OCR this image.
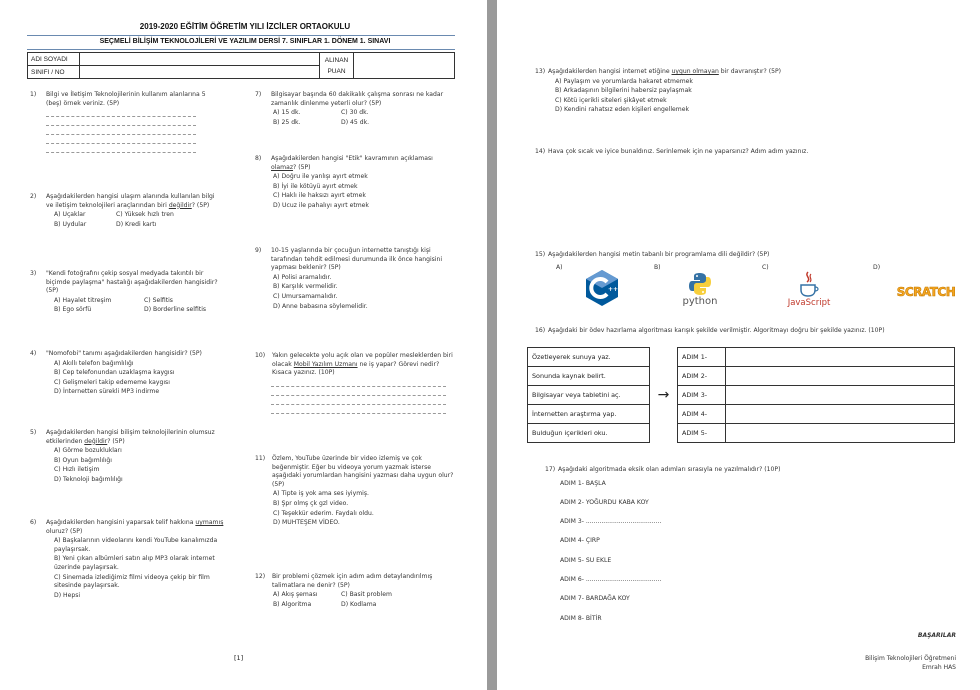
2019-2020 EĞİTİM ÖĞRETİM YILI İZCİLER ORTAOKULU
SEÇMELİ BİLİŞİM TEKNOLOJİLERİ VE YAZILIM DERSİ 7. SINIFLAR 1. DÖNEM 1. SINAVI
ADI SOYADI		ALINAN
PUAN	
SINIFI / NO			
1) Bilgi ve İletişim Teknolojilerinin kullanım alanlarına 5 (beş) örnek veriniz. (5P)
2) Aşağıdakilerden hangisi ulaşım alanında kullanılan bilgi ve iletişim teknolojileri araçlarından biri değildir? (5P)
A) Uçaklar	C) Yüksek hızlı tren
B) Uydular	D) Kredi kartı
3) "Kendi fotoğrafını çekip sosyal medyada takıntılı bir biçimde paylaşma" hastalığı aşağıdakilerden hangisidir? (5P)
A) Hayalet titreşim	C) Selfitis
B) Ego sörfü	D) Borderline selfitis
4) "Nomofobi" tanımı aşağıdakilerden hangisidir? (5P)
A) Akıllı telefon bağımlılığı
B) Cep telefonundan uzaklaşma kaygısı
C) Gelişmeleri takip edememe kaygısı
D) İnternetten sürekli MP3 indirme
5) Aşağıdakilerden hangisi bilişim teknolojilerinin olumsuz etkilerinden değildir? (5P)
A) Görme bozuklukları
B) Oyun bağımlılığı
C) Hızlı iletişim
D) Teknoloji bağımlılığı
6) Aşağıdakilerden hangisini yaparsak telif hakkına uymamış oluruz? (5P)
A) Başkalarının videolarını kendi YouTube kanalımızda paylaşırsak.
B) Yeni çıkan albümleri satın alıp MP3 olarak internet üzerinde paylaşırsak.
C) Sinemada izlediğimiz filmi videoya çekip bir film sitesinde paylaşırsak.
D) Hepsi
7) Bilgisayar başında 60 dakikalık çalışma sonrası ne kadar zamanlık dinlenme yeterli olur? (5P)
A) 15 dk.	C) 30 dk.
B) 25 dk.	D) 45 dk.
8) Aşağıdakilerden hangisi "Etik" kavramının açıklaması olamaz? (5P)
A) Doğru ile yanlışı ayırt etmek
B) İyi ile kötüyü ayırt etmek
C) Haklı ile haksızı ayırt etmek
D) Ucuz ile pahalıyı ayırt etmek
9) 10-15 yaşlarında bir çocuğun internette tanıştığı kişi tarafından tehdit edilmesi durumunda ilk önce hangisini yapması beklenir? (5P)
A) Polisi aramalıdır.
B) Karşılık vermelidir.
C) Umursamamalıdır.
D) Anne babasına söylemelidir.
10) Yakın gelecekte yolu açık olan ve popüler mesleklerden biri olacak Mobil Yazılım Uzmanı ne iş yapar? Görevi nedir? Kısaca yazınız. (10P)
11) Özlem, YouTube üzerinde bir video izlemiş ve çok beğenmiştir. Eğer bu videoya yorum yazmak isterse aşağıdaki yorumlardan hangisini yazması daha uygun olur? (5P)
A) Tipte iş yok ama ses iyiymiş.
B) Şpr olmş çk gzl video.
C) Teşekkür ederim. Faydalı oldu.
D) MUHTEŞEM VİDEO.
12) Bir problemi çözmek için adım adım detaylandırılmış talimatlara ne denir? (5P)
A) Akış şeması	C) Basit problem
B) Algoritma	D) Kodlama
[1]
13) Aşağıdakilerden hangisi internet etiğine uygun olmayan bir davranıştır? (5P)
A) Paylaşım ve yorumlarda hakaret etmemek
B) Arkadaşının bilgilerini habersiz paylaşmak
C) Kötü içerikli siteleri şikâyet etmek
D) Kendini rahatsız eden kişileri engellemek
14) Hava çok sıcak ve iyice bunaldınız. Serinlemek için ne yaparsınız? Adım adım yazınız.
15) Aşağıdakilerden hangisi metin tabanlı bir programlama dili değildir? (5P)
A)	B)	C)	D)
++
python	JavaScript
SCRATCH
16) Aşağıdaki bir ödev hazırlama algoritması karışık şekilde verilmiştir. Algoritmayı doğru bir şekilde yazınız. (10P)
Özetleyerek sunuya yaz.	→	ADIM 1-	
Sonunda kaynak belirt.		ADIM 2-	
Bilgisayar veya tabletini aç.		ADIM 3-	
İnternetten araştırma yap.		ADIM 4-	
Bulduğun içerikleri oku.		ADIM 5-	
17) Aşağıdaki algoritmada eksik olan adımları sırasıyla ne yazılmalıdır? (10P)
ADIM 1- BAŞLA
ADIM 2- YOĞURDU KABA KOY
ADIM 3- .......................................
ADIM 4- ÇIRP
ADIM 5- SU EKLE
ADIM 6- .......................................
ADIM 7- BARDAĞA KOY
ADIM 8- BİTİR
BAŞARILAR
Bilişim Teknolojileri Öğretmeni
Emrah HAS
